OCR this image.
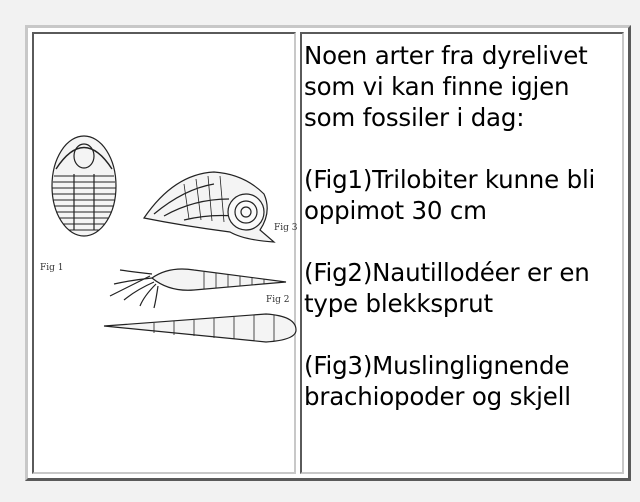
Fig 1
Fig 3
Fig 2

Noen arter fra dyrelivet som vi kan finne igjen som fossiler i dag:

(Fig1)Trilobiter kunne bli oppimot 30 cm

(Fig2)Nautillodéer er en type blekksprut

(Fig3)Muslinglignende brachiopoder og skjell
